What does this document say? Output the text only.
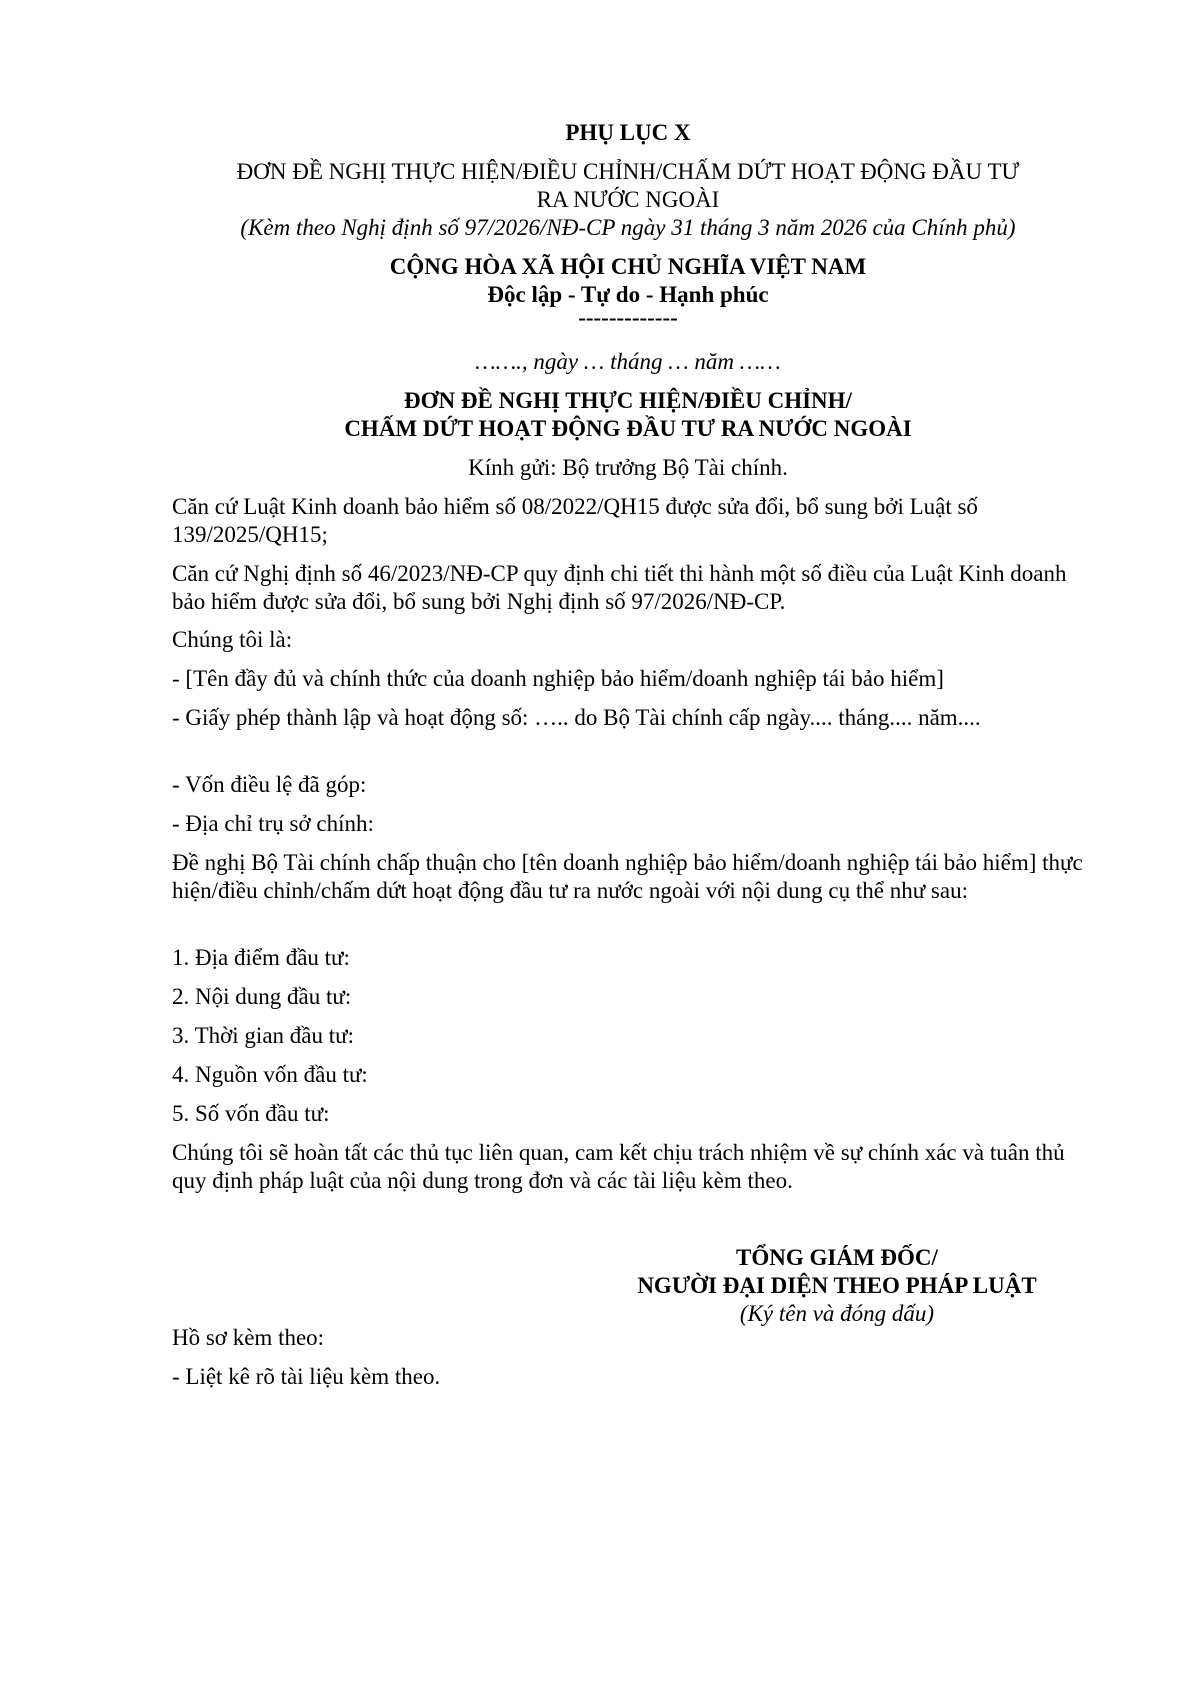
PHỤ LỤC X
ĐƠN ĐỀ NGHỊ THỰC HIỆN/ĐIỀU CHỈNH/CHẤM DỨT HOẠT ĐỘNG ĐẦU TƯ
RA NƯỚC NGOÀI
(Kèm theo Nghị định số 97/2026/NĐ-CP ngày 31 tháng 3 năm 2026 của Chính phủ)
CỘNG HÒA XÃ HỘI CHỦ NGHĨA VIỆT NAM
Độc lập - Tự do - Hạnh phúc
-------------
……., ngày … tháng … năm ……
ĐƠN ĐỀ NGHỊ THỰC HIỆN/ĐIỀU CHỈNH/
CHẤM DỨT HOẠT ĐỘNG ĐẦU TƯ RA NƯỚC NGOÀI
Kính gửi: Bộ trưởng Bộ Tài chính.
Căn cứ Luật Kinh doanh bảo hiểm số 08/2022/QH15 được sửa đổi, bổ sung bởi Luật số 139/2025/QH15;
Căn cứ Nghị định số 46/2023/NĐ-CP quy định chi tiết thi hành một số điều của Luật Kinh doanh bảo hiểm được sửa đổi, bổ sung bởi Nghị định số 97/2026/NĐ-CP.
Chúng tôi là:
- [Tên đầy đủ và chính thức của doanh nghiệp bảo hiểm/doanh nghiệp tái bảo hiểm]
- Giấy phép thành lập và hoạt động số: ….. do Bộ Tài chính cấp ngày.... tháng.... năm....
- Vốn điều lệ đã góp:
- Địa chỉ trụ sở chính:
Đề nghị Bộ Tài chính chấp thuận cho [tên doanh nghiệp bảo hiểm/doanh nghiệp tái bảo hiểm] thực hiện/điều chỉnh/chấm dứt hoạt động đầu tư ra nước ngoài với nội dung cụ thể như sau:
1. Địa điểm đầu tư:
2. Nội dung đầu tư:
3. Thời gian đầu tư:
4. Nguồn vốn đầu tư:
5. Số vốn đầu tư:
Chúng tôi sẽ hoàn tất các thủ tục liên quan, cam kết chịu trách nhiệm về sự chính xác và tuân thủ quy định pháp luật của nội dung trong đơn và các tài liệu kèm theo.
TỔNG GIÁM ĐỐC/
NGƯỜI ĐẠI DIỆN THEO PHÁP LUẬT
(Ký tên và đóng dấu)
Hồ sơ kèm theo:
- Liệt kê rõ tài liệu kèm theo.
